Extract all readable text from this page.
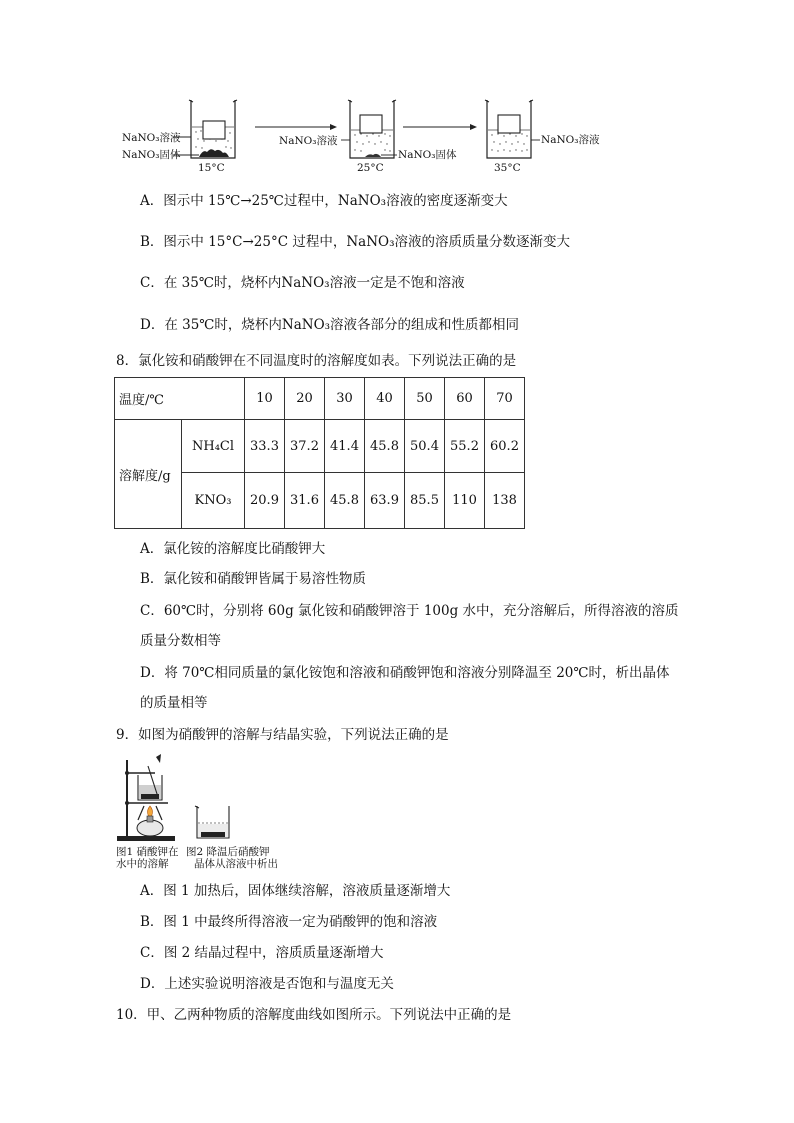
NaNO₃溶液
NaNO₃固体
15°C
NaNO₃溶液
NaNO₃固体
25°C
NaNO₃溶液
35°C
A．图示中 15℃→25℃过程中，NaNO₃溶液的密度逐渐变大
B．图示中 15°C→25°C 过程中，NaNO₃溶液的溶质质量分数逐渐变大
C．在 35℃时，烧杯内NaNO₃溶液一定是不饱和溶液
D．在 35℃时，烧杯内NaNO₃溶液各部分的组成和性质都相同
8．氯化铵和硝酸钾在不同温度时的溶解度如表。下列说法正确的是
温度/℃		10	20	30	40	50	60	70
溶解度/g	NH₄Cl	33.3	37.2	41.4	45.8	50.4	55.2	60.2
	KNO₃	20.9	31.6	45.8	63.9	85.5	110	138
A．氯化铵的溶解度比硝酸钾大
B．氯化铵和硝酸钾皆属于易溶性物质
C．60℃时，分别将 60g 氯化铵和硝酸钾溶于 100g 水中，充分溶解后，所得溶液的溶质
质量分数相等
D．将 70℃相同质量的氯化铵饱和溶液和硝酸钾饱和溶液分别降温至 20℃时，析出晶体
的质量相等
9．如图为硝酸钾的溶解与结晶实验，下列说法正确的是
图1 硝酸钾在
水中的溶解
图2 降温后硝酸钾
晶体从溶液中析出
A．图 1 加热后，固体继续溶解，溶液质量逐渐增大
B．图 1 中最终所得溶液一定为硝酸钾的饱和溶液
C．图 2 结晶过程中，溶质质量逐渐增大
D．上述实验说明溶液是否饱和与温度无关
10．甲、乙两种物质的溶解度曲线如图所示。下列说法中正确的是
